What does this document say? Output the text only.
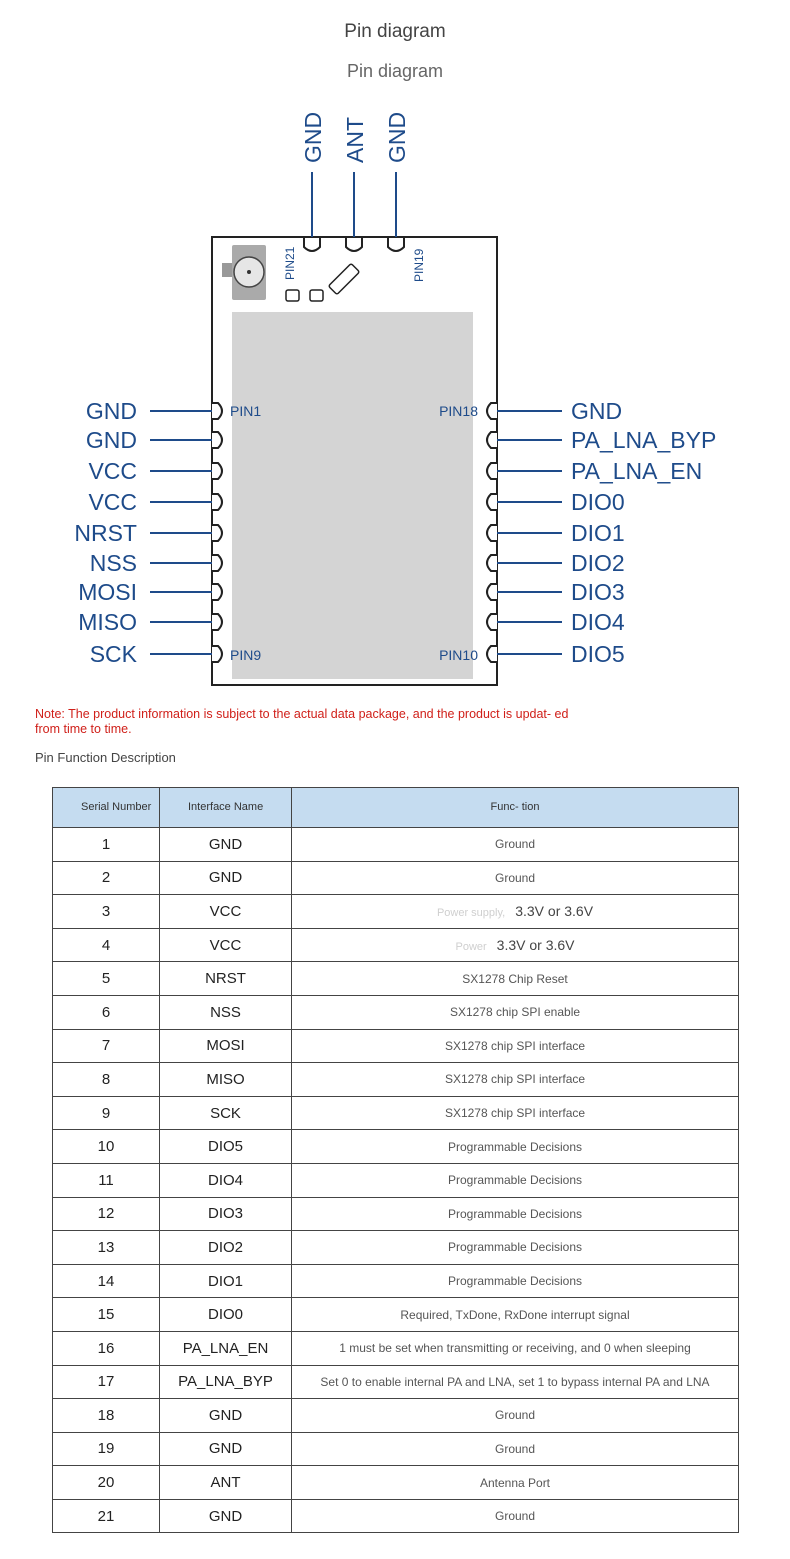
Pin diagram
Pin diagram
GND ANT GND
PIN21	PIN19
GND	GND
GND	PA_LNA_BYP
VCC	PA_LNA_EN
VCC	DIO0
NRST	DIO1
NSS	DIO2
MOSI	DIO3
MISO	DIO4
SCK	DIO5
PIN1
PIN9
PIN18
PIN10
Note: The product information is subject to the actual data package, and the product is updat- ed from time to time.
Pin Function Description
Serial Number	Interface Name	Func- tion
1	GND	Ground
2	GND	Ground
3	VCC	Power supply, 3.3V or 3.6V
4	VCC	Power 3.3V or 3.6V
5	NRST	SX1278 Chip Reset
6	NSS	SX1278 chip SPI enable
7	MOSI	SX1278 chip SPI interface
8	MISO	SX1278 chip SPI interface
9	SCK	SX1278 chip SPI interface
10	DIO5	Programmable Decisions
11	DIO4	Programmable Decisions
12	DIO3	Programmable Decisions
13	DIO2	Programmable Decisions
14	DIO1	Programmable Decisions
15	DIO0	Required, TxDone, RxDone interrupt signal
16	PA_LNA_EN	1 must be set when transmitting or receiving, and 0 when sleeping
17	PA_LNA_BYP	Set 0 to enable internal PA and LNA, set 1 to bypass internal PA and LNA
18	GND	Ground
19	GND	Ground
20	ANT	Antenna Port
21	GND	Ground
